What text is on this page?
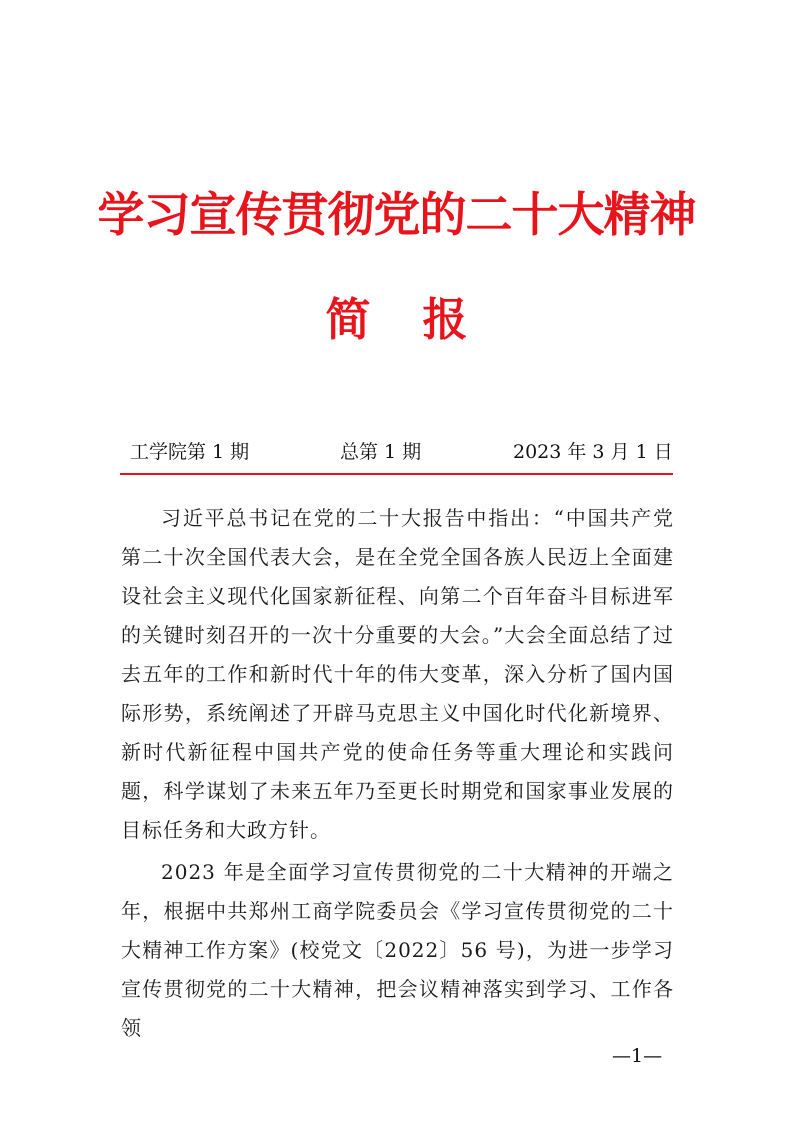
学习宣传贯彻党的二十大精神
简报
工学院第 1 期	总第 1 期	2023 年 3 月 1 日

习近平总书记在党的二十大报告中指出：“中国共产党第二十次全国代表大会，是在全党全国各族人民迈上全面建设社会主义现代化国家新征程、向第二个百年奋斗目标进军的关键时刻召开的一次十分重要的大会。”大会全面总结了过去五年的工作和新时代十年的伟大变革，深入分析了国内国际形势，系统阐述了开辟马克思主义中国化时代化新境界、新时代新征程中国共产党的使命任务等重大理论和实践问题，科学谋划了未来五年乃至更长时期党和国家事业发展的目标任务和大政方针。

2023 年是全面学习宣传贯彻党的二十大精神的开端之年，根据中共郑州工商学院委员会《学习宣传贯彻党的二十大精神工作方案》(校党文〔2022〕56 号)，为进一步学习宣传贯彻党的二十大精神，把会议精神落实到学习、工作各领

—1—
